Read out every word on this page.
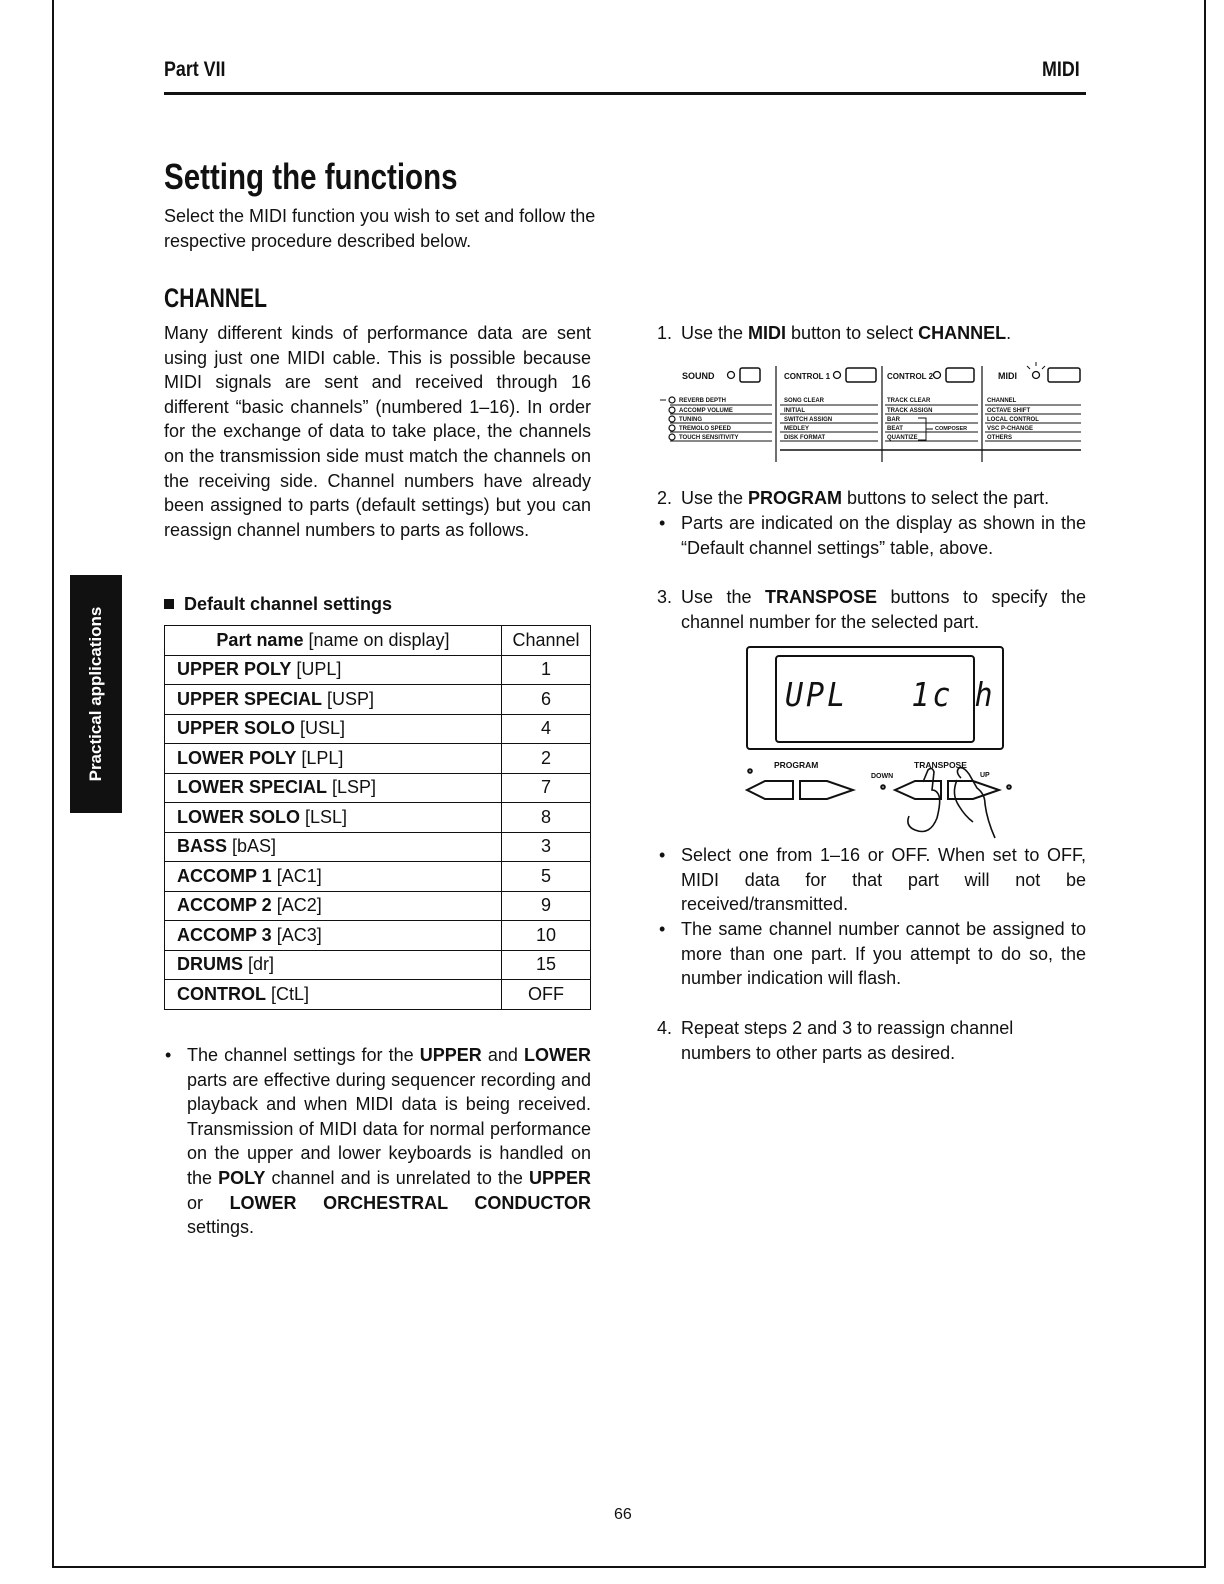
Part VII	MIDI
Practical applications
Setting the functions
Select the MIDI function you wish to set and follow the respective procedure described below.
CHANNEL
Many different kinds of performance data are sent using just one MIDI cable. This is possible because MIDI signals are sent and received through 16 different “basic channels” (numbered 1–16). In order for the exchange of data to take place, the channels on the transmission side must match the channels on the receiving side. Channel numbers have already been assigned to parts (default settings) but you can reassign channel numbers to parts as follows.
Default channel settings
Part name [name on display]	Channel
UPPER POLY [UPL]	1
UPPER SPECIAL [USP]	6
UPPER SOLO [USL]	4
LOWER POLY [LPL]	2
LOWER SPECIAL [LSP]	7
LOWER SOLO [LSL]	8
BASS [bAS]	3
ACCOMP 1 [AC1]	5
ACCOMP 2 [AC2]	9
ACCOMP 3 [AC3]	10
DRUMS [dr]	15
CONTROL [CtL]	OFF
• The channel settings for the UPPER and LOWER parts are effective during sequencer recording and playback and when MIDI data is being received. Transmission of MIDI data for normal performance on the upper and lower keyboards is handled on the POLY channel and is unrelated to the UPPER or LOWER ORCHESTRAL CONDUCTOR settings.
1. Use the MIDI button to select CHANNEL.
SOUND	CONTROL 1	CONTROL 2	MIDI
REVERB DEPTH
ACCOMP VOLUME
TUNING
TREMOLO SPEED
TOUCH SENSITIVITY
SONG CLEAR
INITIAL
SWITCH ASSIGN
MEDLEY
DISK FORMAT
TRACK CLEAR
TRACK ASSIGN
BAR
BEAT
QUANTIZE
COMPOSER
CHANNEL
OCTAVE SHIFT
LOCAL CONTROL
VSC P-CHANGE
OTHERS
2. Use the PROGRAM buttons to select the part.
• Parts are indicated on the display as shown in the “Default channel settings” table, above.
3. Use the TRANSPOSE buttons to specify the channel number for the selected part.
UPL   1c h
PROGRAM	TRANSPOSE
DOWN	UP
• Select one from 1–16 or OFF. When set to OFF, MIDI data for that part will not be received/transmitted.
• The same channel number cannot be assigned to more than one part. If you attempt to do so, the number indication will flash.
4. Repeat steps 2 and 3 to reassign channel numbers to other parts as desired.
66
